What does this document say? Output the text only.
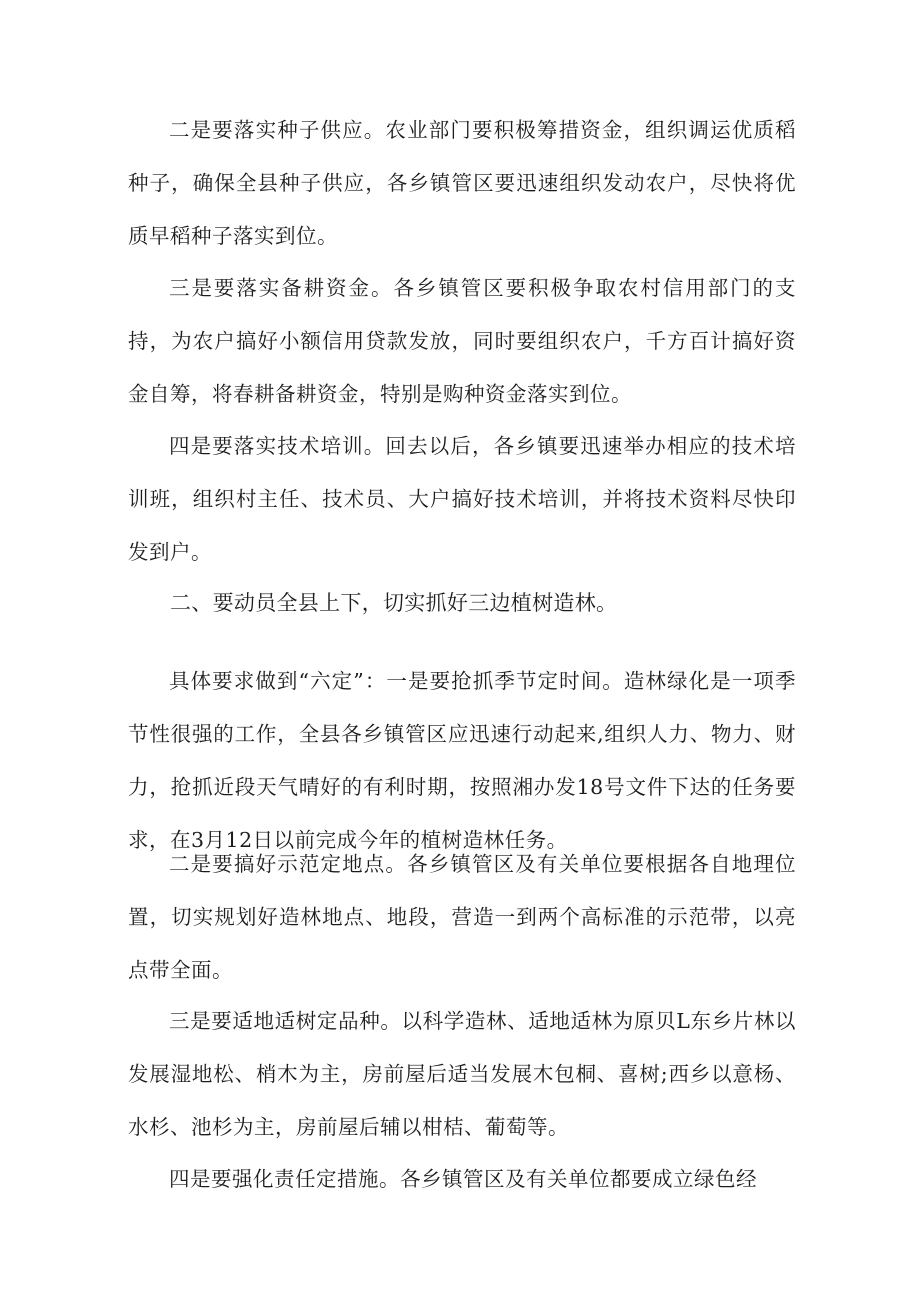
二是要落实种子供应。农业部门要积极筹措资金，组织调运优质稻种子，确保全县种子供应，各乡镇管区要迅速组织发动农户，尽快将优质早稻种子落实到位。

三是要落实备耕资金。各乡镇管区要积极争取农村信用部门的支持，为农户搞好小额信用贷款发放，同时要组织农户，千方百计搞好资金自筹，将春耕备耕资金，特别是购种资金落实到位。

四是要落实技术培训。回去以后，各乡镇要迅速举办相应的技术培训班，组织村主任、技术员、大户搞好技术培训，并将技术资料尽快印发到户。

二、要动员全县上下，切实抓好三边植树造林。

具体要求做到“六定”：一是要抢抓季节定时间。造林绿化是一项季节性很强的工作，全县各乡镇管区应迅速行动起来,组织人力、物力、财力，抢抓近段天气晴好的有利时期，按照湘办发18号文件下达的任务要求，在3月12日以前完成今年的植树造林任务。

二是要搞好示范定地点。各乡镇管区及有关单位要根据各自地理位置，切实规划好造林地点、地段，营造一到两个高标准的示范带，以亮点带全面。

三是要适地适树定品种。以科学造林、适地适林为原贝L东乡片林以发展湿地松、梢木为主，房前屋后适当发展木包桐、喜树;西乡以意杨、水杉、池杉为主，房前屋后辅以柑桔、葡萄等。

四是要强化责任定措施。各乡镇管区及有关单位都要成立绿色经
